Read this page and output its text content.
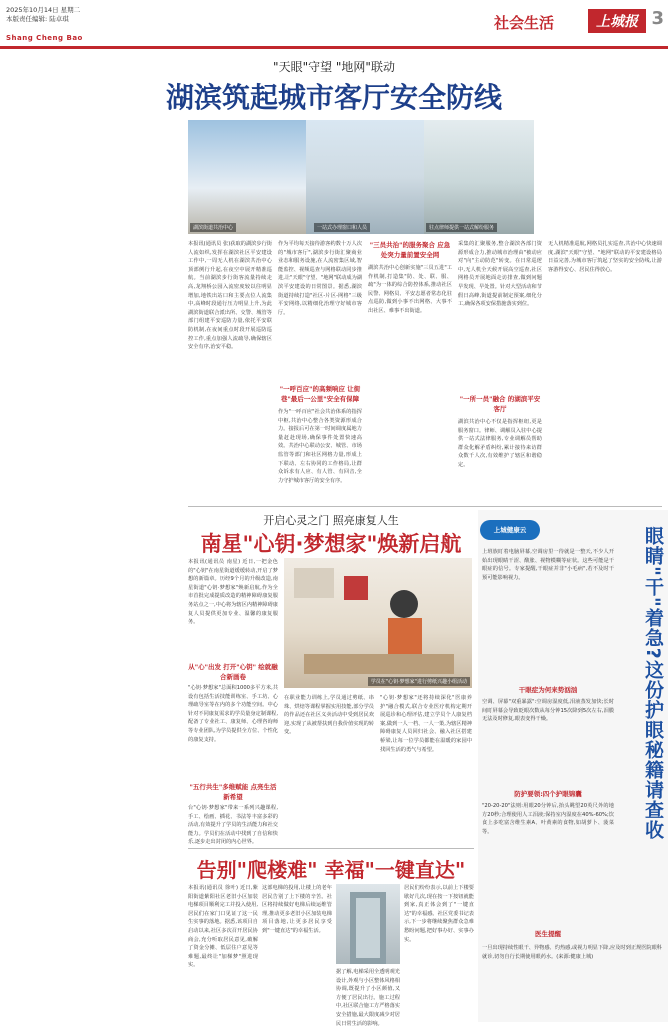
2025年10月14日 星期二
本版责任编辑: 陆卓琪
Shang Cheng Bao
社会生活	上城报 3
"天眼"守望 "地网"联动
湖滨筑起城市客厅安全防线
湖滨街道共治中心	一站式办理窗口和人员	驻点律师提供一站式解纷服务
本报讯(通讯员 张)获取的湖滨步行街人流如织,发挥在湖滨社区平安建设工作中,一周无人机在湖滨共治中心顶部例行升起,在夜空中展开精准巡航。当前湖滨步行街客流量持续走高,龙翔桥公园入流密度较以往明显增加,地铁出站口和主要点位人流集中,高峰时段通行压力明显上升,为此湖滨街道联合派出所、交警、城管等部门组建平安巡防力量,依托平安联防机制,在夜间重点时段开展巡防巡控工作,重点加强人流疏导,确保辖区安全有序,治安平稳。
作为平均每天接待游客约数十万人次的"城市客厅",湖滨步行街汇聚商业业态和服务设施,在人流密集区域,智能监控、视频巡查与网格联动同步推进,让"天眼"守望、"地网"联动成为湖滨平安建设的日常图景。据悉,湖滨街道持续打造"社区-片区-网格"三级平安网络,以精细化治理守好城市客厅。
"一呼百应"的高频响应 让街巷"最后一公里"安全有保障
作为"一呼百应"社会共治体系的指挥中枢,共治中心整合各类资源形成合力。接报后可在第一时间调度属地力量赶赴现场,确保事件处置快速高效。共治中心联动公安、城管、市场监管等部门和社区网格力量,形成上下联动、左右协同的工作格局,让群众诉求有人应、有人管、有回音,全力守护城市客厅的安全有序。
"三员共治"的服务聚合 应急处突力量前置安全网
湖滨共治中心创新实施"三员五进"工作机制,打造集"防、处、联、服、疏"为一体的综合防控体系,推动社区民警、网格员、平安志愿者常态化驻点巡防,做到小事不出网格、大事不出社区、难事不出街道。
采集的汇聚服务,整合湖滨各部门资源形成合力,推动城市治理由"被动应对"向"主动防范"转变。在日常巡逻中,无人机全天候开展高空巡查,社区网格员开展地面走访排查,做到问题早发现、早处置。针对大型活动和节假日高峰,街道提前制定预案,细化分工,确保各项安保措施落实到位。
"一所一员"融合 的湖滨平安客厅
湖滨共治中心不仅是指挥枢纽,更是服务窗口。律师、调解员入驻中心提供一站式法律服务,专业调解员帮助群众化解矛盾纠纷,累计接待来访群众数千人次,有效维护了辖区和谐稳定。
无人机精准巡航,网格员扎实巡查,共治中心快速调度,湖滨"天眼"守望、"地网"联动的平安建设格局日益完善,为城市客厅筑起了坚实的安全防线,让游客游得安心、居民住得放心。
开启心灵之门 照亮康复人生
南星"心钥·梦想家"焕新启航
本报讯(通讯员 南星) 近日,一把金色的"心钥"在南星街道缓缓转动,开启了梦想的新篇章。历经9个月的升级改造,南星街道"心钥·梦想家"焕新启航,作为全市首批完成提质改造的精神障碍康复服务站点之一,中心将为辖区内精神障碍康复人员提供更加专业、温馨的康复服务。
从"心"出发 打开"心钥" 绘就融合新画卷
"心钥·梦想家"总面积1000多平方米,共设有包括生活技能训练室、手工坊、心理疏导室等在内的多个功能空间。中心针对不同康复需求的学员量身定制课程,配备了专业社工、康复师、心理咨询师等专业团队,为学员提供全方位、个性化的康复支持。
"五行共生"多维赋能 点亮生活新希望
台"心钥·梦想家"带来一系列兴趣课程,手工、绘画、插花、书法等丰富多彩的活动,有效提升了学员的生活能力和社交能力。学员们在活动中找到了自信和快乐,逐步走出封闭的内心世界。
学员在"心钥·梦想家"进行剪纸兴趣小组活动
在职业能力训练上,学员通过剪纸、串珠、烘焙等课程掌握实用技能,部分学员的作品还在社区义卖活动中受到居民欢迎,实现了从被帮扶到自我价值实现的转变。
"心钥·梦想家"还将持续深化"医康养护"融合模式,联合专业医疗机构定期开展巡诊和心理评估,建立学员个人康复档案,做到一人一档、一人一策,为辖区精神障碍康复人员回归社会、融入社区搭建桥梁,让每一位学员都能在温暖的家园中找回生活的勇气与希望。
告别"爬楼难" 幸福"一键直达"
本报讯(通讯员 徐叶) 近日,紫阳街道紫阳社区老旧小区加装电梯项目顺利完工并投入使用,居民们在家门口见证了这一民生实事的落地。据悉,该项目自启动以来,社区多次召开居民协商会,充分听取居民意见,破解了资金分摊、低层住户意见等难题,最终让"加梯梦"照进现实。
这部电梯的投用,让楼上的老年居民告别了上下楼的辛苦。社区将持续做好电梯后续运维管理,推动更多老旧小区加装电梯项目落地,让更多居民享受到"一键直达"的幸福生活。
据了解,电梯采用全透明观光设计,外观与小区整体风格相协调,既提升了小区颜值,又方便了居民出行。施工过程中,社区联合施工方严格落实安全措施,最大限度减少对居民日常生活的影响。
居民们纷纷表示,以前上下楼要歇好几次,现在按一下按钮就能到家,真正体会到了"一键直达"的幸福感。社区党委书记表示,下一步将继续聚焦群众急难愁盼问题,把好事办好、实事办实。
上城健康云	眼睛"干"着急?这份护眼秘籍请查收
上班族盯着电脑屏幕,空调房里一待就是一整天,不少人开始出现眼睛干涩、酸胀、视物模糊等症状。这些可能是干眼症的信号。专家提醒,干眼症并非"小毛病",若不及时干预可能影响视力。
干眼症为何来势汹汹
空调、屏幕"双重暴露":空调房湿度低,泪液蒸发加快;长时间盯屏幕会导致眨眼次数从每分钟15次降到5次左右,泪膜无法及时修复,眼表变得干燥。
防护要领:四个护眼锦囊
"20-20-20"法则:用眼20分钟后,抬头眺望20英尺外的地方20秒;合理使用人工泪液;保持室内湿度在40%-60%;饮食上多吃富含维生素A、叶黄素的食物,如胡萝卜、菠菜等。
医生提醒
一旦出现持续性眼干、异物感、灼热感,或视力明显下降,应及时到正规医院眼科就诊,切勿自行长期使用眼药水。(来源:健康上城)
